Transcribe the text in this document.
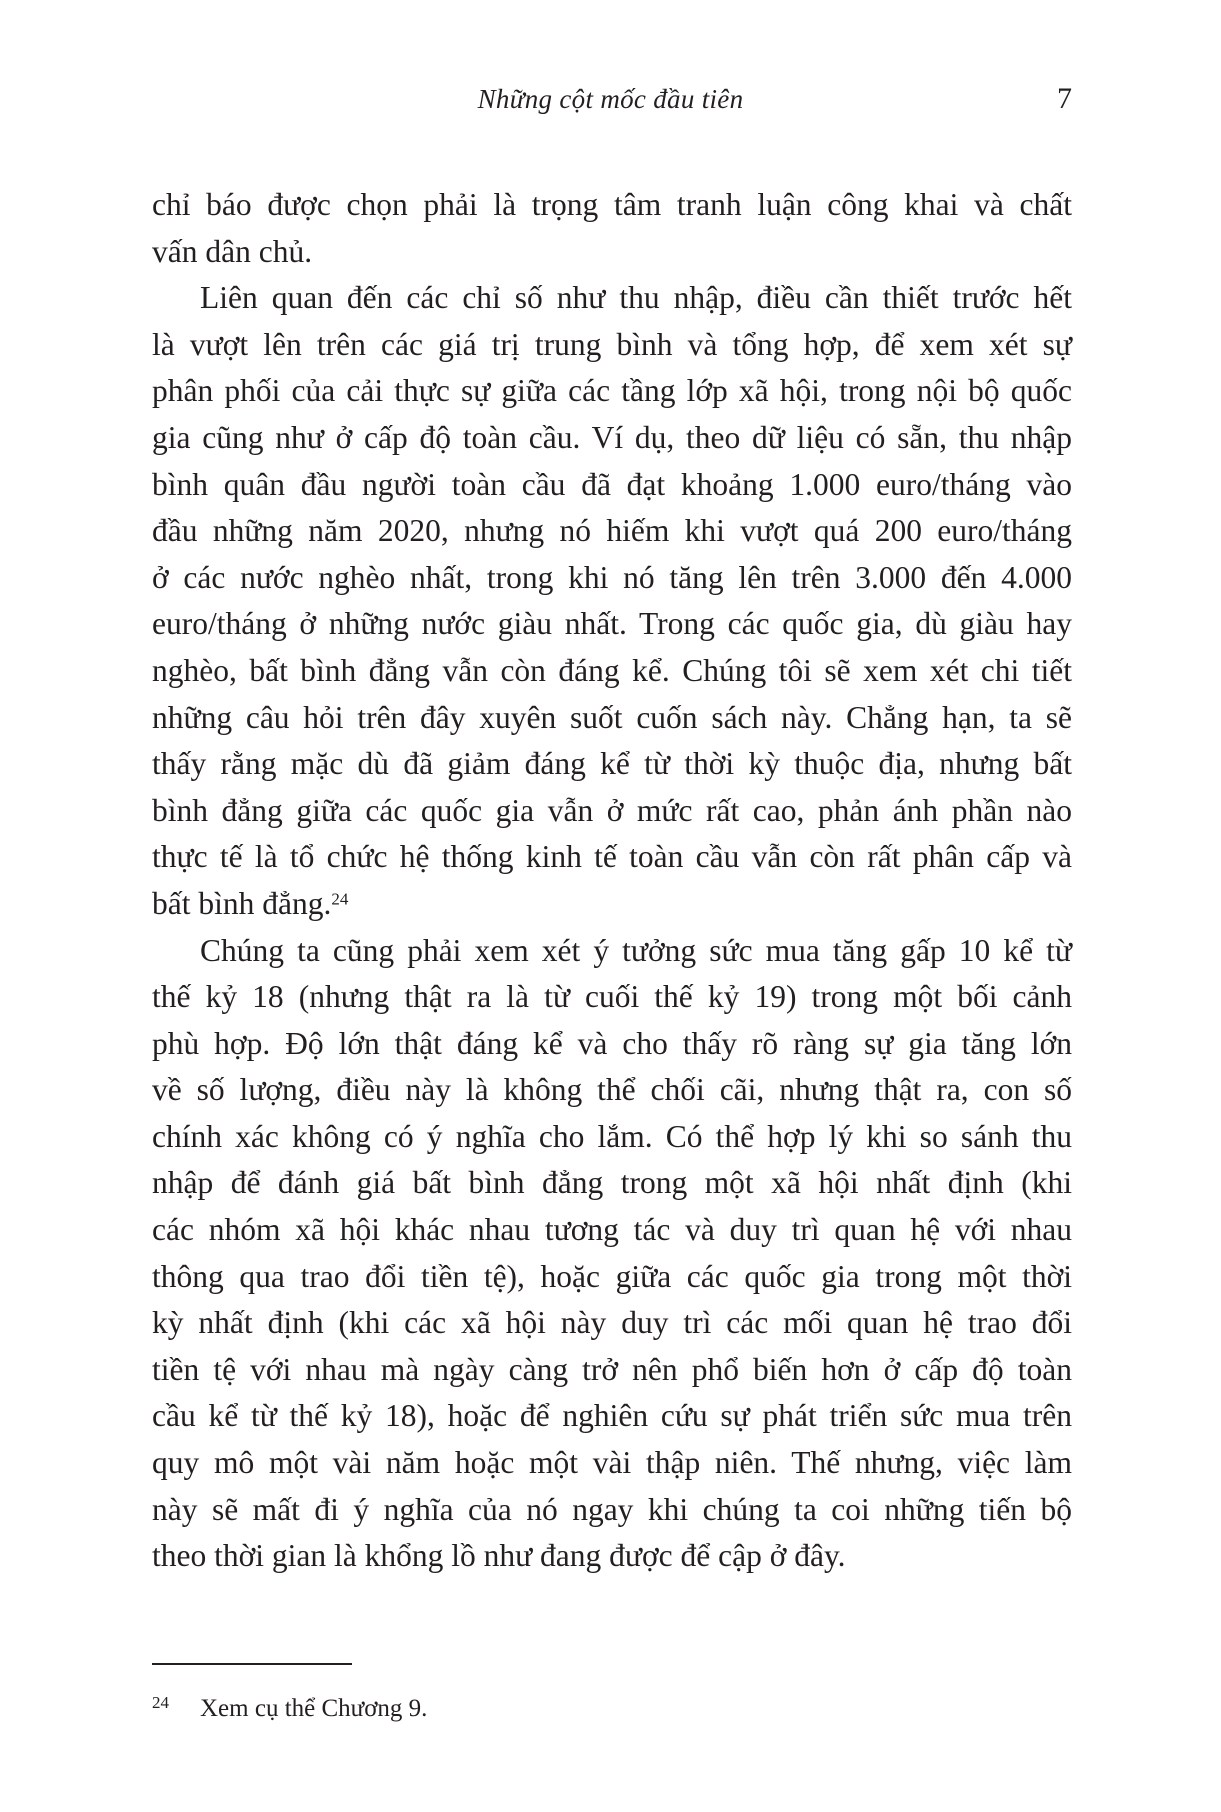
Những cột mốc đầu tiên	7
chỉ báo được chọn phải là trọng tâm tranh luận công khai và chất
vấn dân chủ.
Liên quan đến các chỉ số như thu nhập, điều cần thiết trước hết
là vượt lên trên các giá trị trung bình và tổng hợp, để xem xét sự
phân phối của cải thực sự giữa các tầng lớp xã hội, trong nội bộ quốc
gia cũng như ở cấp độ toàn cầu. Ví dụ, theo dữ liệu có sẵn, thu nhập
bình quân đầu người toàn cầu đã đạt khoảng 1.000 euro/tháng vào
đầu những năm 2020, nhưng nó hiếm khi vượt quá 200 euro/tháng
ở các nước nghèo nhất, trong khi nó tăng lên trên 3.000 đến 4.000
euro/tháng ở những nước giàu nhất. Trong các quốc gia, dù giàu hay
nghèo, bất bình đẳng vẫn còn đáng kể. Chúng tôi sẽ xem xét chi tiết
những câu hỏi trên đây xuyên suốt cuốn sách này. Chẳng hạn, ta sẽ
thấy rằng mặc dù đã giảm đáng kể từ thời kỳ thuộc địa, nhưng bất
bình đẳng giữa các quốc gia vẫn ở mức rất cao, phản ánh phần nào
thực tế là tổ chức hệ thống kinh tế toàn cầu vẫn còn rất phân cấp và
bất bình đẳng.$^{24}$
Chúng ta cũng phải xem xét ý tưởng sức mua tăng gấp 10 kể từ
thế kỷ 18 (nhưng thật ra là từ cuối thế kỷ 19) trong một bối cảnh
phù hợp. Độ lớn thật đáng kể và cho thấy rõ ràng sự gia tăng lớn
về số lượng, điều này là không thể chối cãi, nhưng thật ra, con số
chính xác không có ý nghĩa cho lắm. Có thể hợp lý khi so sánh thu
nhập để đánh giá bất bình đẳng trong một xã hội nhất định (khi
các nhóm xã hội khác nhau tương tác và duy trì quan hệ với nhau
thông qua trao đổi tiền tệ), hoặc giữa các quốc gia trong một thời
kỳ nhất định (khi các xã hội này duy trì các mối quan hệ trao đổi
tiền tệ với nhau mà ngày càng trở nên phổ biến hơn ở cấp độ toàn
cầu kể từ thế kỷ 18), hoặc để nghiên cứu sự phát triển sức mua trên
quy mô một vài năm hoặc một vài thập niên. Thế nhưng, việc làm
này sẽ mất đi ý nghĩa của nó ngay khi chúng ta coi những tiến bộ
theo thời gian là khổng lồ như đang được để cập ở đây.
24 Xem cụ thể Chương 9.
